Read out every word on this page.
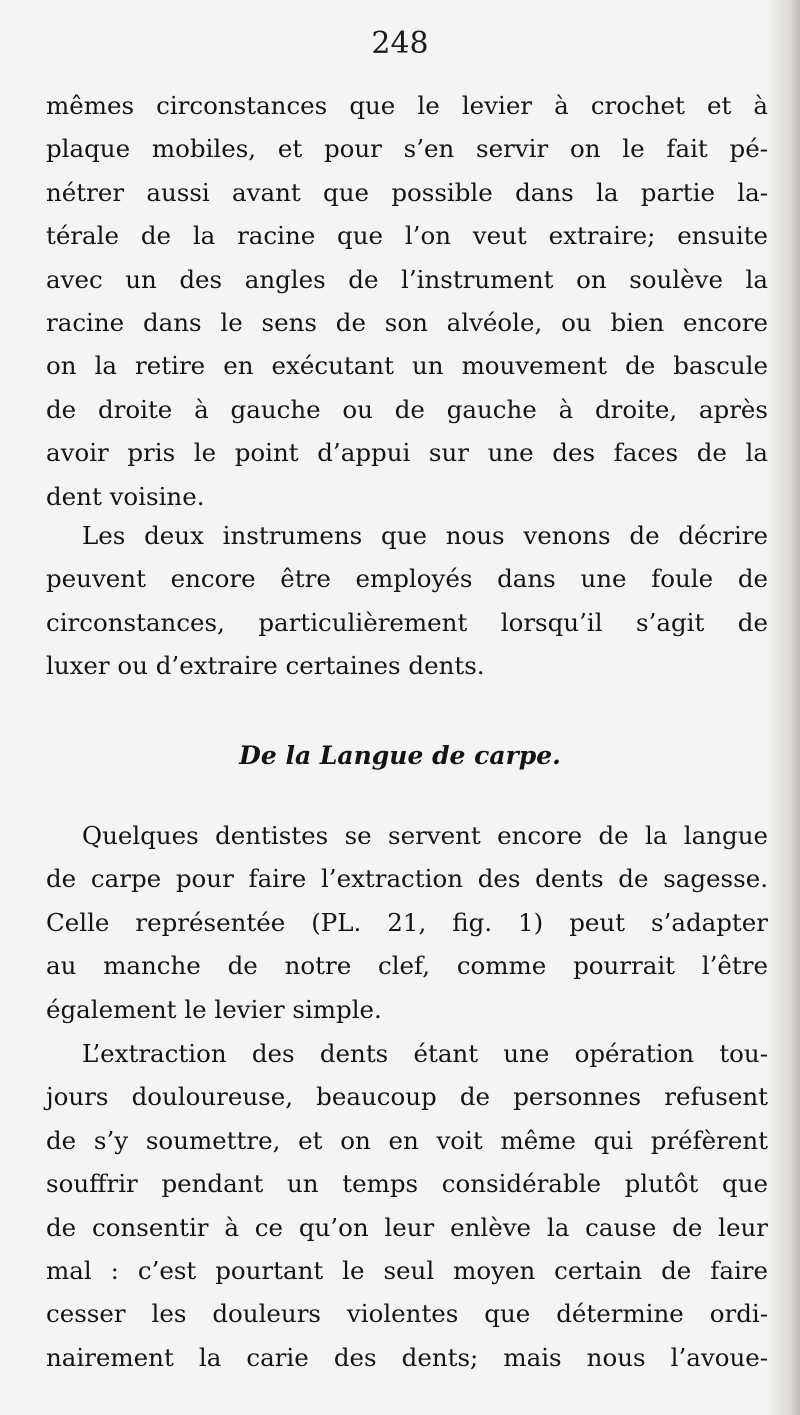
248

mêmes circonstances que le levier à crochet et à
plaque mobiles, et pour s’en servir on le fait pé-
nétrer aussi avant que possible dans la partie la-
térale de la racine que l’on veut extraire; ensuite
avec un des angles de l’instrument on soulève la
racine dans le sens de son alvéole, ou bien encore
on la retire en exécutant un mouvement de bascule
de droite à gauche ou de gauche à droite, après
avoir pris le point d’appui sur une des faces de la
dent voisine.
Les deux instrumens que nous venons de décrire
peuvent encore être employés dans une foule de
circonstances, particulièrement lorsqu’il s’agit de
luxer ou d’extraire certaines dents.
De la Langue de carpe.
Quelques dentistes se servent encore de la langue
de carpe pour faire l’extraction des dents de sagesse.
Celle représentée (PL. 21, fig. 1) peut s’adapter
au manche de notre clef, comme pourrait l’être
également le levier simple.
L’extraction des dents étant une opération tou-
jours douloureuse, beaucoup de personnes refusent
de s’y soumettre, et on en voit même qui préfèrent
souffrir pendant un temps considérable plutôt que
de consentir à ce qu’on leur enlève la cause de leur
mal : c’est pourtant le seul moyen certain de faire
cesser les douleurs violentes que détermine ordi-
nairement la carie des dents; mais nous l’avoue-
